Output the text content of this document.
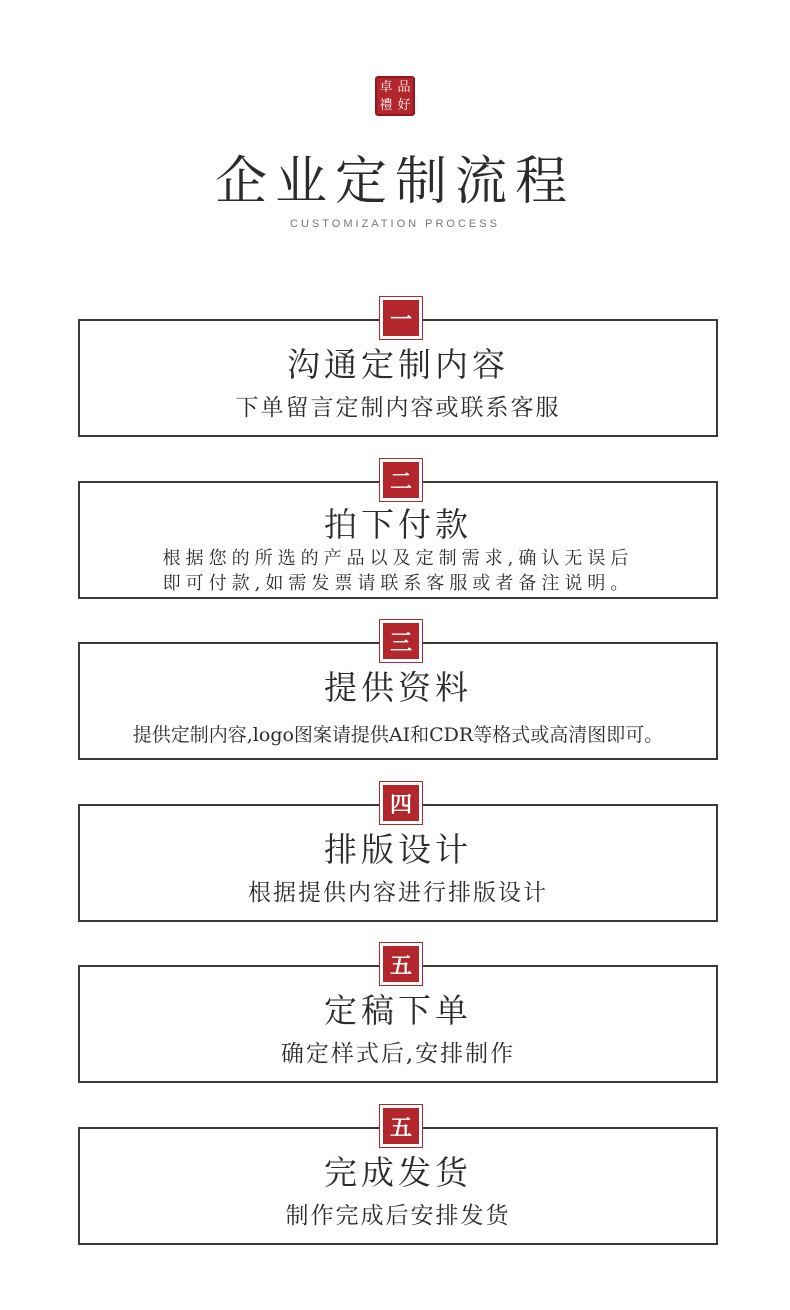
卓 品
禮 好
企业定制流程
CUSTOMIZATION PROCESS
一
沟通定制内容
下单留言定制内容或联系客服
二
拍下付款
根据您的所选的产品以及定制需求,确认无误后
即可付款,如需发票请联系客服或者备注说明。
三
提供资料
提供定制内容,logo图案请提供AI和CDR等格式或高清图即可。
四
排版设计
根据提供内容进行排版设计
五
定稿下单
确定样式后,安排制作
五
完成发货
制作完成后安排发货
